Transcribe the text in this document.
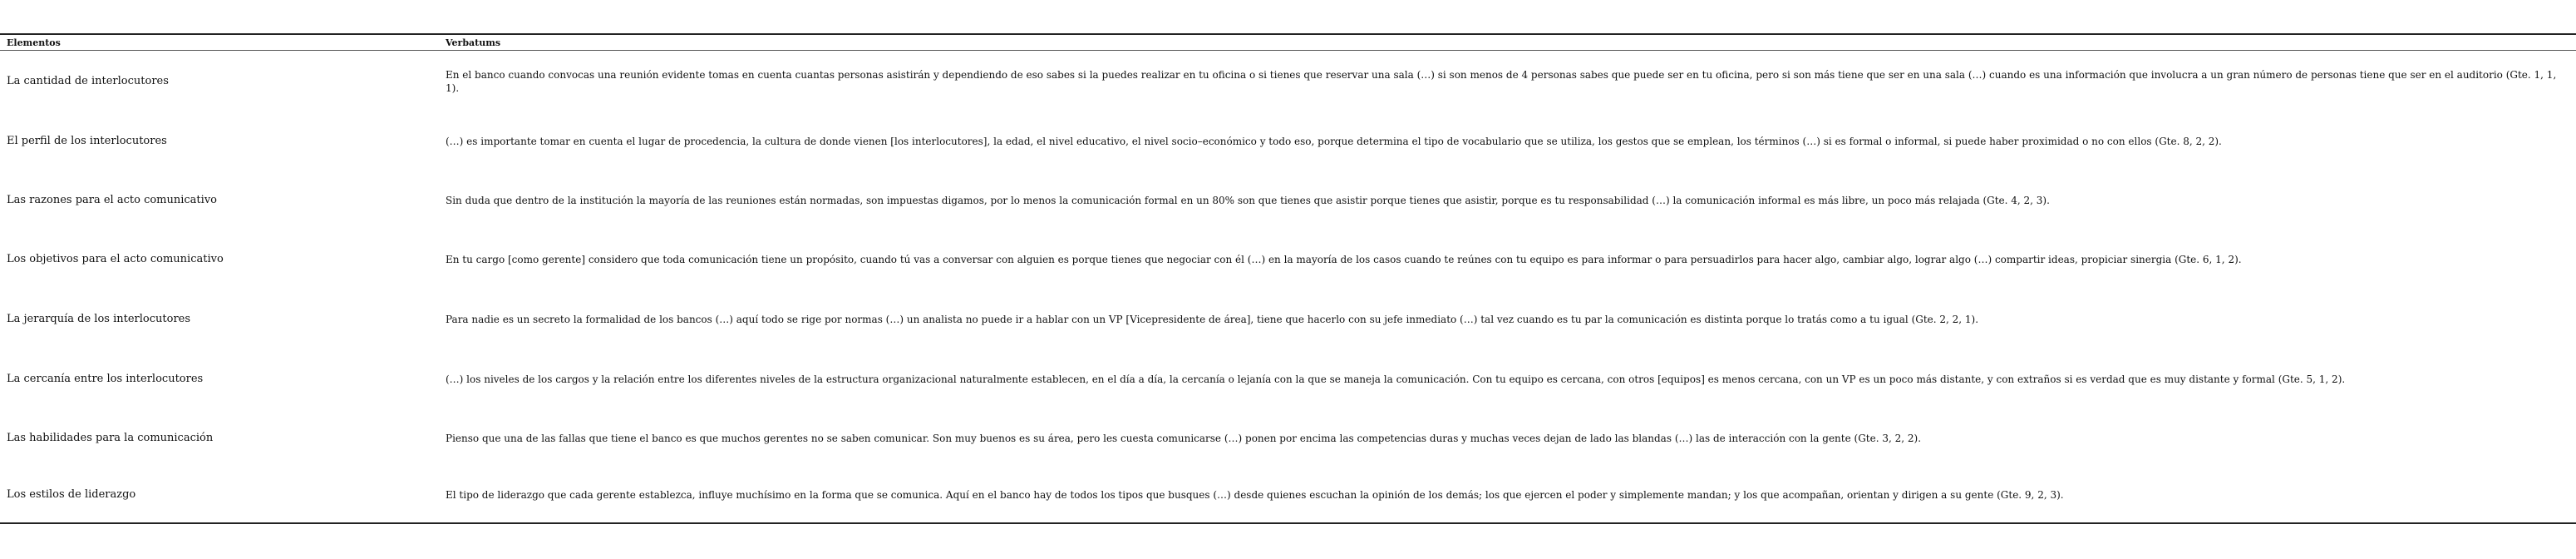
Elementos	Verbatums
La cantidad de interlocutores	En el banco cuando convocas una reunión evidente tomas en cuenta cuantas personas asistirán y dependiendo de eso sabes si la puedes realizar en tu oficina o si tienes que reservar una sala (…) si son menos de 4 personas sabes que puede ser en tu oficina, pero si son más tiene que ser en una sala (…) cuando es una información que involucra a un gran número de personas tiene que ser en el auditorio (Gte. 1, 1, 1).
El perfil de los interlocutores	(…) es importante tomar en cuenta el lugar de procedencia, la cultura de donde vienen [los interlocutores], la edad, el nivel educativo, el nivel socio–económico y todo eso, porque determina el tipo de vocabulario que se utiliza, los gestos que se emplean, los términos (…) si es formal o informal, si puede haber proximidad o no con ellos (Gte. 8, 2, 2).
Las razones para el acto comunicativo	Sin duda que dentro de la institución la mayoría de las reuniones están normadas, son impuestas digamos, por lo menos la comunicación formal en un 80% son que tienes que asistir porque tienes que asistir, porque es tu responsabilidad (…) la comunicación informal es más libre, un poco más relajada (Gte. 4, 2, 3).
Los objetivos para el acto comunicativo	En tu cargo [como gerente] considero que toda comunicación tiene un propósito, cuando tú vas a conversar con alguien es porque tienes que negociar con él (…) en la mayoría de los casos cuando te reúnes con tu equipo es para informar o para persuadirlos para hacer algo, cambiar algo, lograr algo (…) compartir ideas, propiciar sinergia (Gte. 6, 1, 2).
La jerarquía de los interlocutores	Para nadie es un secreto la formalidad de los bancos (…) aquí todo se rige por normas (…) un analista no puede ir a hablar con un VP [Vicepresidente de área], tiene que hacerlo con su jefe inmediato (…) tal vez cuando es tu par la comunicación es distinta porque lo tratás como a tu igual (Gte. 2, 2, 1).
La cercanía entre los interlocutores	(…) los niveles de los cargos y la relación entre los diferentes niveles de la estructura organizacional naturalmente establecen, en el día a día, la cercanía o lejanía con la que se maneja la comunicación. Con tu equipo es cercana, con otros [equipos] es menos cercana, con un VP es un poco más distante, y con extraños si es verdad que es muy distante y formal (Gte. 5, 1, 2).
Las habilidades para la comunicación	Pienso que una de las fallas que tiene el banco es que muchos gerentes no se saben comunicar. Son muy buenos es su área, pero les cuesta comunicarse (…) ponen por encima las competencias duras y muchas veces dejan de lado las blandas (…) las de interacción con la gente (Gte. 3, 2, 2).
Los estilos de liderazgo	El tipo de liderazgo que cada gerente establezca, influye muchísimo en la forma que se comunica. Aquí en el banco hay de todos los tipos que busques (…) desde quienes escuchan la opinión de los demás; los que ejercen el poder y simplemente mandan; y los que acompañan, orientan y dirigen a su gente (Gte. 9, 2, 3).
